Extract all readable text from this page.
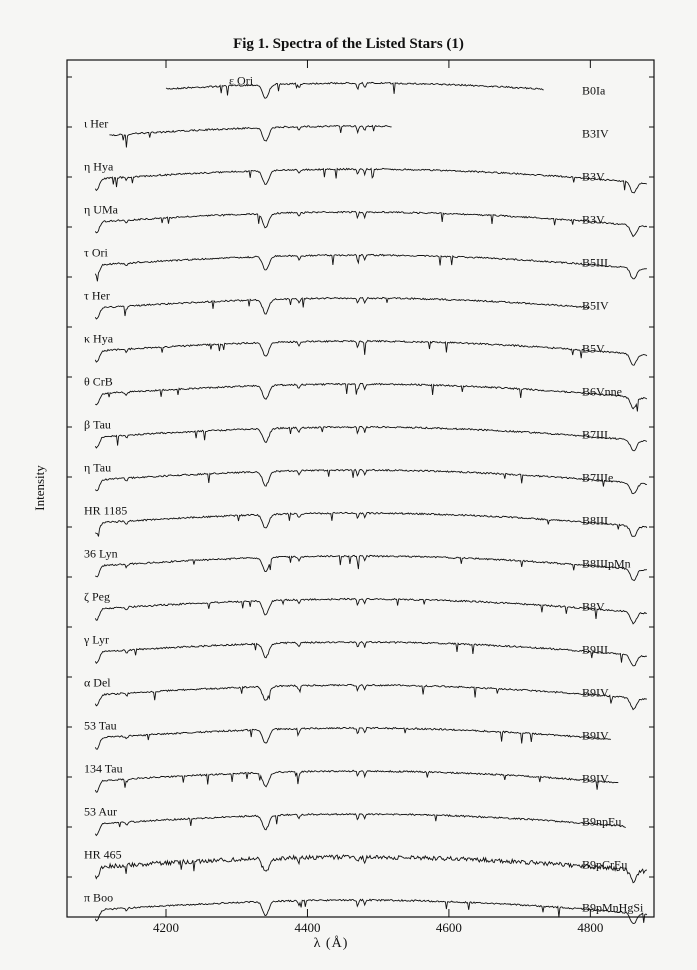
Fig 1. Spectra of the Listed Stars (1)
Intensity
λ (Å)
ε Ori
B0Ia
ι Her
B3IV
η Hya
B3V
η UMa
B3V
τ Ori
B5III
τ Her
B5IV
κ Hya
B5V
θ CrB
B6Vnne
β Tau
B7III
η Tau
B7IIIe
HR 1185
B8III
36 Lyn
B8IIIpMn
ζ Peg
B8V
γ Lyr
B9III
α Del
B9IV
53 Tau
B9IV
134 Tau
B9IV
53 Aur
B9npEu
HR 465
B9pCrEu
π Boo
B9pMnHgSi
4200	4400	4600	4800
